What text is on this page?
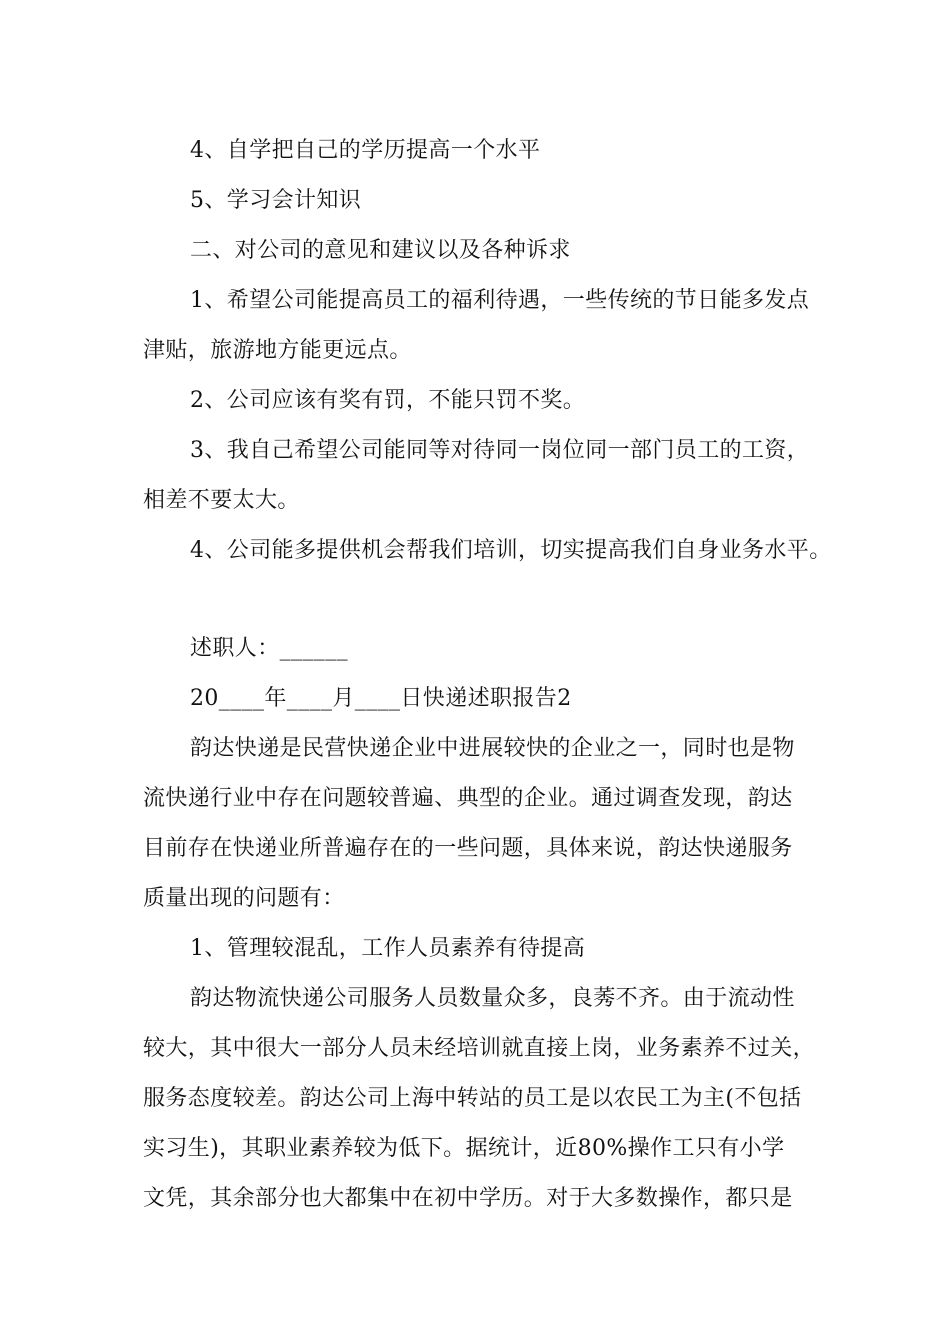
4、自学把自己的学历提高一个水平
5、学习会计知识
二、对公司的意见和建议以及各种诉求
1、希望公司能提高员工的福利待遇，一些传统的节日能多发点
津贴，旅游地方能更远点。
2、公司应该有奖有罚，不能只罚不奖。
3、我自己希望公司能同等对待同一岗位同一部门员工的工资，
相差不要太大。
4、公司能多提供机会帮我们培训，切实提高我们自身业务水平。
述职人：______
20____年____月____日快递述职报告2
韵达快递是民营快递企业中进展较快的企业之一，同时也是物
流快递行业中存在问题较普遍、典型的企业。通过调查发现，韵达
目前存在快递业所普遍存在的一些问题，具体来说，韵达快递服务
质量出现的问题有：
1、管理较混乱，工作人员素养有待提高
韵达物流快递公司服务人员数量众多，良莠不齐。由于流动性
较大，其中很大一部分人员未经培训就直接上岗，业务素养不过关，
服务态度较差。韵达公司上海中转站的员工是以农民工为主(不包括
实习生)，其职业素养较为低下。据统计，近80%操作工只有小学
文凭，其余部分也大都集中在初中学历。对于大多数操作，都只是
